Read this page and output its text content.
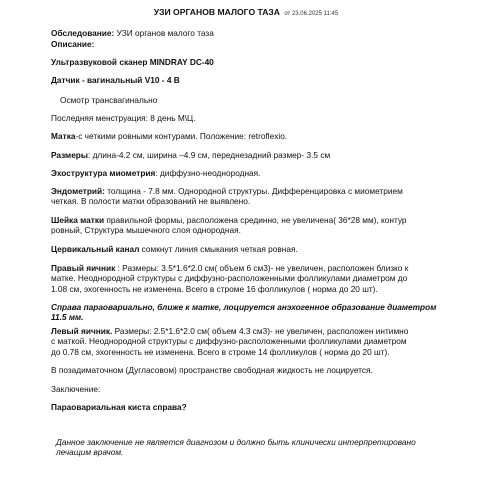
УЗИ ОРГАНОВ МАЛОГО ТАЗА от 23.06.2025 11:45

Обследование: УЗИ органов малого таза

Описание:

Ультразвуковой сканер MINDRAY DC-40

Датчик - вагинальный V10 - 4 B

Осмотр трансвагинально

Последняя менструация: 8 день М\Ц.

Матка-с четкими ровными контурами. Положение: retroflexio.

Размеры: длина-4.2 см, ширина –4.9 см, переднезадний размер- 3.5 см

Эхоструктура миометрия: диффузно-неоднородная.

Эндометрий: толщина - 7.8 мм. Однородной структуры. Дифференцировка с миометрием

четкая. В полости матки образований не выявлено.

Шейка матки правильной формы, расположена срединно, не увеличена( 36*28 мм), контур

ровный, Структура мышечного слоя однородная.

Цервикальный канал сомкнут линия смыкания четкая ровная.

Правый яичник : Размеры: 3.5*1.6*2.0 см( объем 6 см3)- не увеличен, расположен близко к

матке. Неоднородной структуры с диффузно-расположенными фолликулами диаметром до

1.08 см, эхогенность не изменена. Всего в строме 16 фолликулов ( норма до 20 шт).

Справа параовариально, ближе к матке, лоцируется анэхогенное образование диаметром

11.5 мм.

Левый яичник. Размеры: 2.5*1.6*2.0 см( объем 4.3 см3)- не увеличен, расположен интимно

с маткой. Неоднородной структуры с диффузно-расположенными фолликулами диаметром

до 0.78 см, эхогенность не изменена. Всего в строме 14 фолликулов ( норма до 20 шт).

В позадиматочном (Дугласовом) пространстве свободная жидкость не лоцируется.

Заключение:

Параовариальная киста справа?

Данное заключение не является диагнозом и должно быть клинически интерпретировано

лечащим врачом.
